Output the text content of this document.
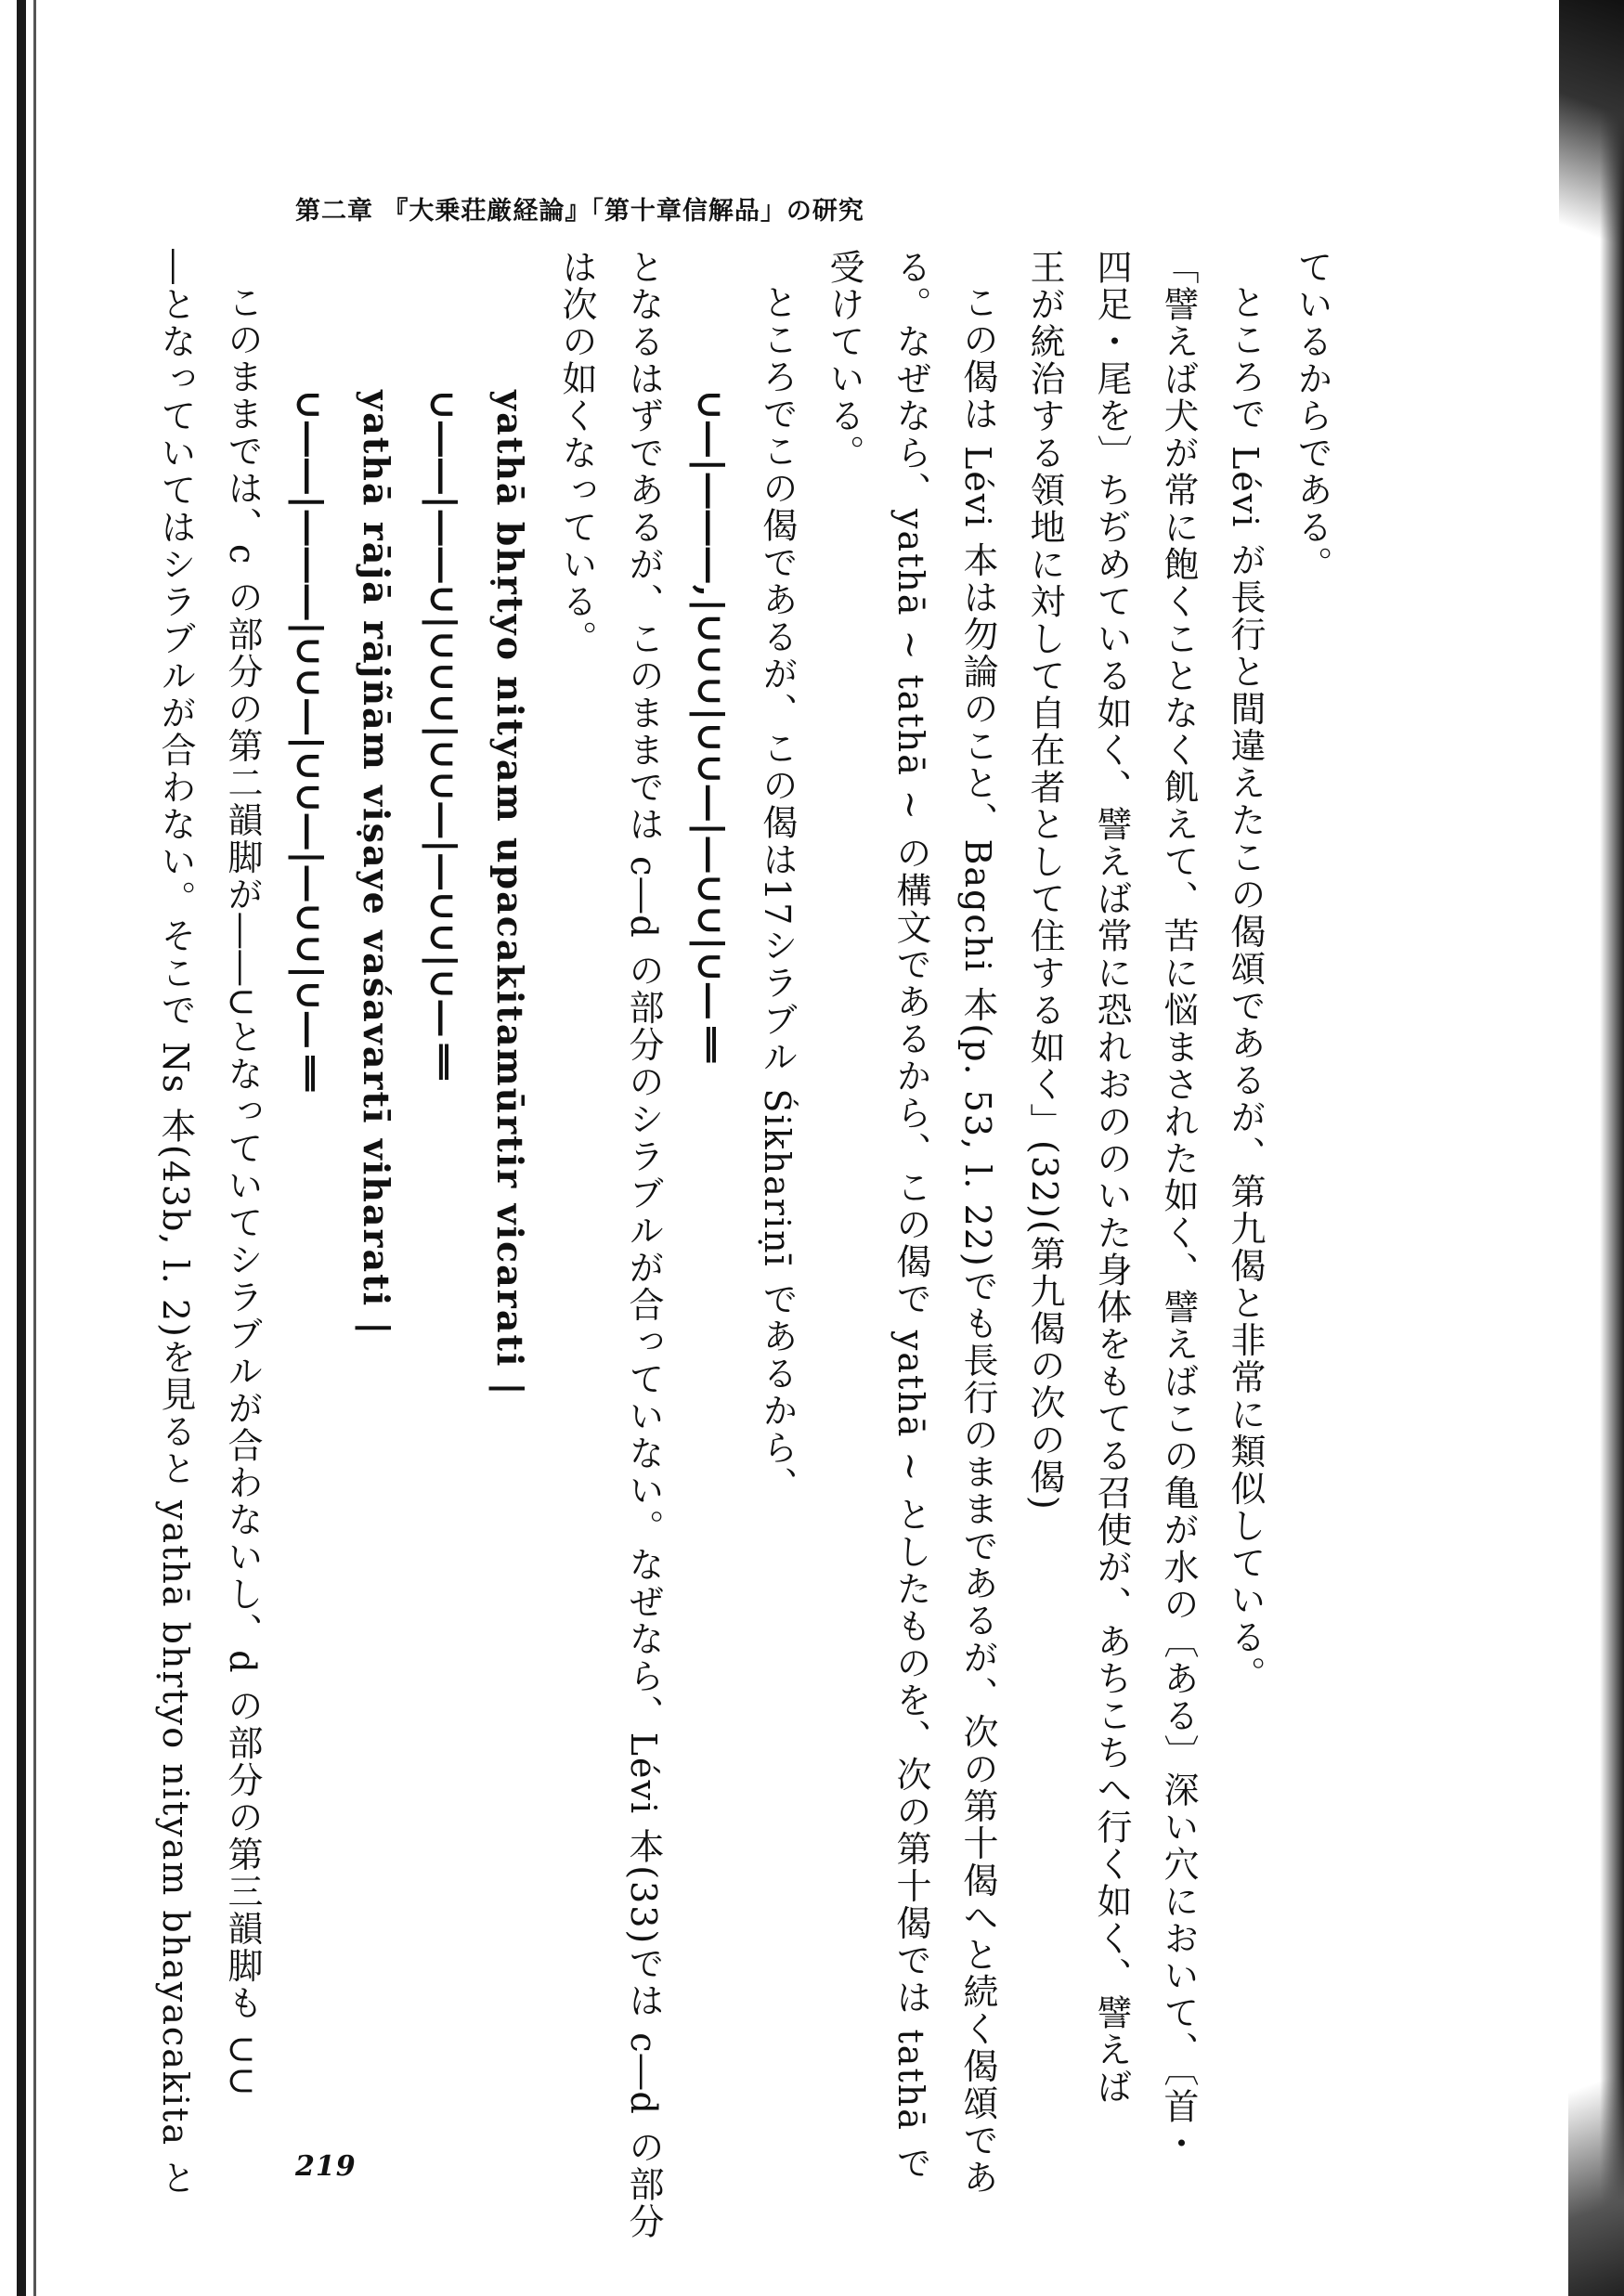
第二章 『大乗荘厳経論』「第十章信解品」の研究
ているからである。
ところで Lévi が長行と間違えたこの偈頌であるが、第九偈と非常に類似している。
「譬えば犬が常に飽くことなく飢えて、苦に悩まされた如く、譬えばこの亀が水の〔ある〕深い穴において、〔首・
四足・尾を〕ちぢめている如く、譬えば常に恐れおののいた身体をもてる召使が、あちこちへ行く如く、譬えば
王が統治する領地に対して自在者として住する如く」(32)(第九偈の次の偈)
この偈は Lévi 本は勿論のこと、Bagchi 本(p. 53, l. 22)でも長行のままであるが、次の第十偈へと続く偈頌であ
る。なぜなら、yathā ~ tathā ~ の構文であるから、この偈で yathā ~ としたものを、次の第十偈では tathā で
受けている。
ところでこの偈であるが、この偈は17シラブル Śikhariṇī であるから、
∪―|―――,|∪∪∪|∪∪―|―∪∪|∪―‖
となるはずであるが、このままでは c―d の部分のシラブルが合っていない。なぜなら、Lévi 本(33)では c―d の部分
は次の如くなっている。
yathā bhṛtyo nityam upacakitamūrtir vicarati |
∪――|――∪|∪∪∪|∪∪―|―∪∪|∪―‖
yathā rājā rājñām viṣaye vaśavartī viharati |
∪――|―――|∪∪―|∪∪―|―∪∪|∪―‖
このままでは、c の部分の第二韻脚が――∪となっていてシラブルが合わないし、d の部分の第三韻脚も ∪∪
―となっていてはシラブルが合わない。そこで Ns 本(43b, l. 2)を見ると yathā bhṛtyo nityam bhayacakita と	219
